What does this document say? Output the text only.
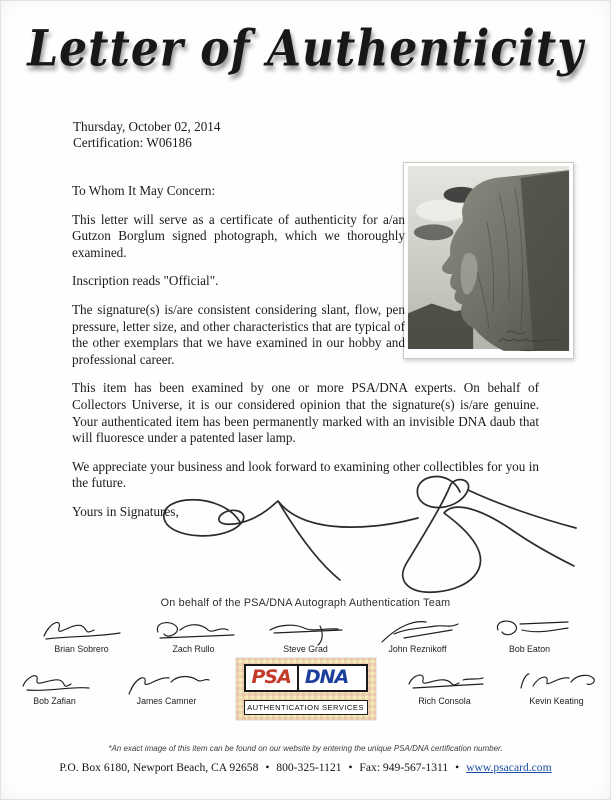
Letter of Authenticity
Thursday, October 02, 2014
Certification: W06186

To Whom It May Concern:

This letter will serve as a certificate of authenticity for a/an Gutzon Borglum signed photograph, which we thoroughly examined.

Inscription reads "Official".

The signature(s) is/are consistent considering slant, flow, pen pressure, letter size, and other characteristics that are typical of the other exemplars that we have examined in our hobby and professional career.

This item has been examined by one or more PSA/DNA experts. On behalf of Collectors Universe, it is our considered opinion that the signature(s) is/are genuine. Your authenticated item has been permanently marked with an invisible DNA daub that will fluoresce under a patented laser lamp.

We appreciate your business and look forward to examining other collectibles for you in the future.

Yours in Signatures,

On behalf of the PSA/DNA Autograph Authentication Team
Brian Sobrero	Zach Rullo	Steve Grad	John Reznikoff	Bob Eaton
Bob Zafian	James Camner
PSA DNA
AUTHENTICATION SERVICES
Rich Consola	Kevin Keating
*An exact image of this item can be found on our website by entering the unique PSA/DNA certification number.
P.O. Box 6180, Newport Beach, CA 92658 • 800-325-1121 • Fax: 949-567-1311 • www.psacard.com
